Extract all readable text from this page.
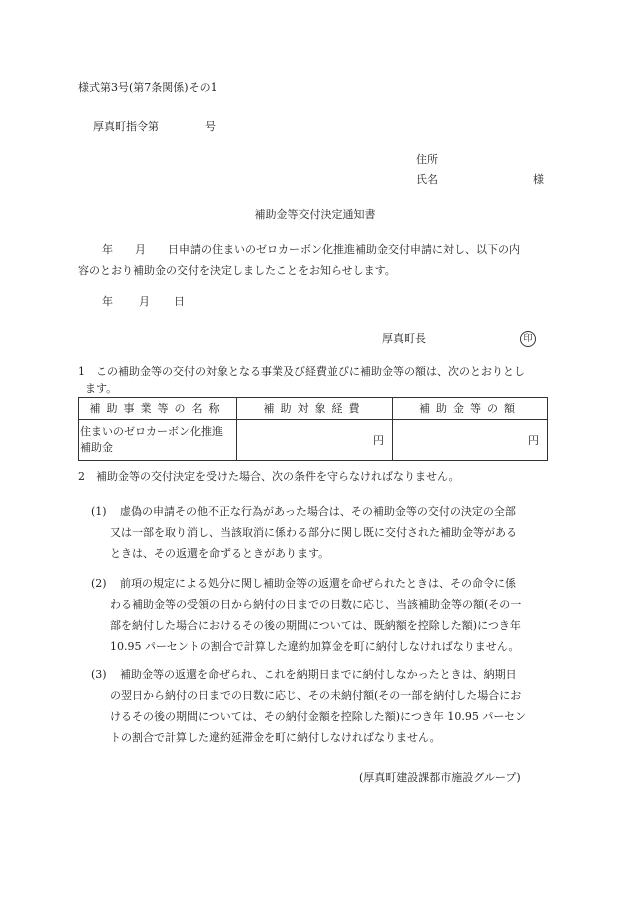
様式第3号(第7条関係)その1
厚真町指令第	号
住所
氏名	様
補助金等交付決定通知書
年　　月　　日申請の住まいのゼロカーボン化推進補助金交付申請に対し、以下の内
容のとおり補助金の交付を決定しましたことをお知らせします。
年 月 日
厚真町長	印
1　この補助金等の交付の対象となる事業及び経費並びに補助金等の額は、次のとおりとし
ます。
補助事業等の名称	補助対象経費	補助金等の額

住まいのゼロカーボン化推進
補助金	円	円
2　補助金等の交付決定を受けた場合、次の条件を守らなければなりません。
(1)	虚偽の申請その他不正な行為があった場合は、その補助金等の交付の決定の全部
又は一部を取り消し、当該取消に係わる部分に関し既に交付された補助金等がある
ときは、その返還を命ずるときがあります。
(2)	前項の規定による処分に関し補助金等の返還を命ぜられたときは、その命令に係
わる補助金等の受領の日から納付の日までの日数に応じ、当該補助金等の額(その一
部を納付した場合におけるその後の期間については、既納額を控除した額)につき年
10.95 パーセントの割合で計算した違約加算金を町に納付しなければなりません。
(3)	補助金等の返還を命ぜられ、これを納期日までに納付しなかったときは、納期日
の翌日から納付の日までの日数に応じ、その未納付額(その一部を納付した場合にお
けるその後の期間については、その納付金額を控除した額)につき年 10.95 パーセン
トの割合で計算した違約延滞金を町に納付しなければなりません。
(厚真町建設課都市施設グループ)
